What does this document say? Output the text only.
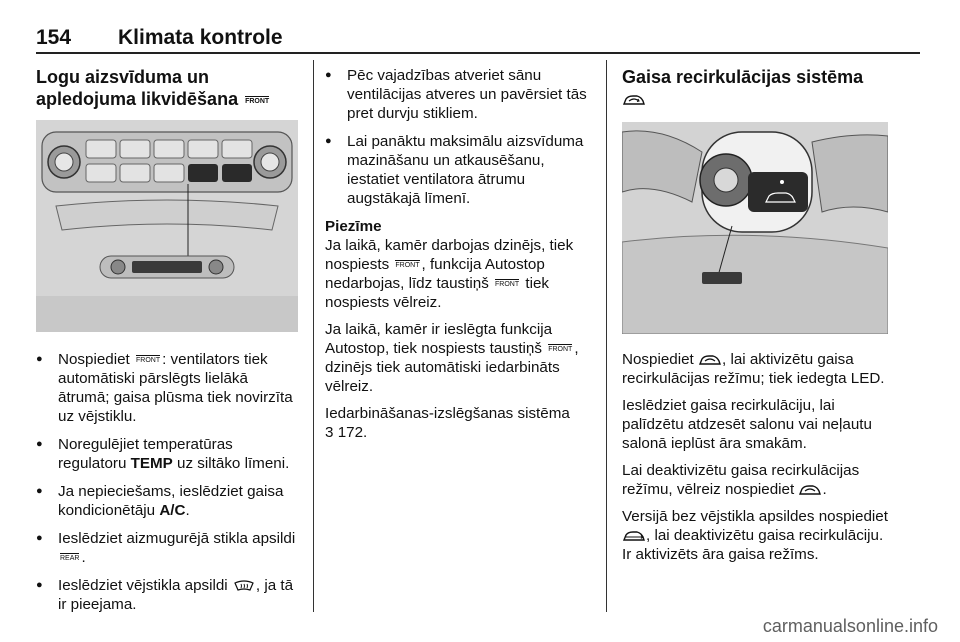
154 Klimata kontrole
Logu aizsvīduma un apledojuma likvidēšana FRONT
● Nospiediet FRONT : ventilators tiek automātiski pārslēgts lielākā ātrumā; gaisa plūsma tiek novirzīta uz vējstiklu.
● Noregulējiet temperatūras regulatoru TEMP uz siltāko līmeni.
● Ja nepieciešams, ieslēdziet gaisa kondicionētāju A/C.
● Ieslēdziet aizmugurējā stikla apsildi REAR .
● Ieslēdziet vējstikla apsildi , ja tā ir pieejama.
● Pēc vajadzības atveriet sānu ventilācijas atveres un pavērsiet tās pret durvju stikliem.
● Lai panāktu maksimālu aizsvīduma mazināšanu un atkausēšanu, iestatiet ventilatora ātrumu augstākajā līmenī.
Piezīme

Ja laikā, kamēr darbojas dzinējs, tiek nospiests FRONT , funkcija Autostop nedarbojas, līdz taustiņš FRONT tiek nospiests vēlreiz.

Ja laikā, kamēr ir ieslēgta funkcija Autostop, tiek nospiests taustiņš FRONT , dzinējs tiek automātiski iedarbināts vēlreiz.

Iedarbināšanas-izslēgšanas sistēma
3 172.

Gaisa recirkulācijas sistēma

Nospiediet , lai aktivizētu gaisa recirkulācijas režīmu; tiek iedegta LED.

Ieslēdziet gaisa recirkulāciju, lai palīdzētu atdzesēt salonu vai neļautu salonā ieplūst āra smakām.

Lai deaktivizētu gaisa recirkulācijas režīmu, vēlreiz nospiediet .

Versijā bez vējstikla apsildes nospiediet , lai deaktivizētu gaisa recirkulāciju. Ir aktivizēts āra gaisa režīms.

carmanualsonline.info
